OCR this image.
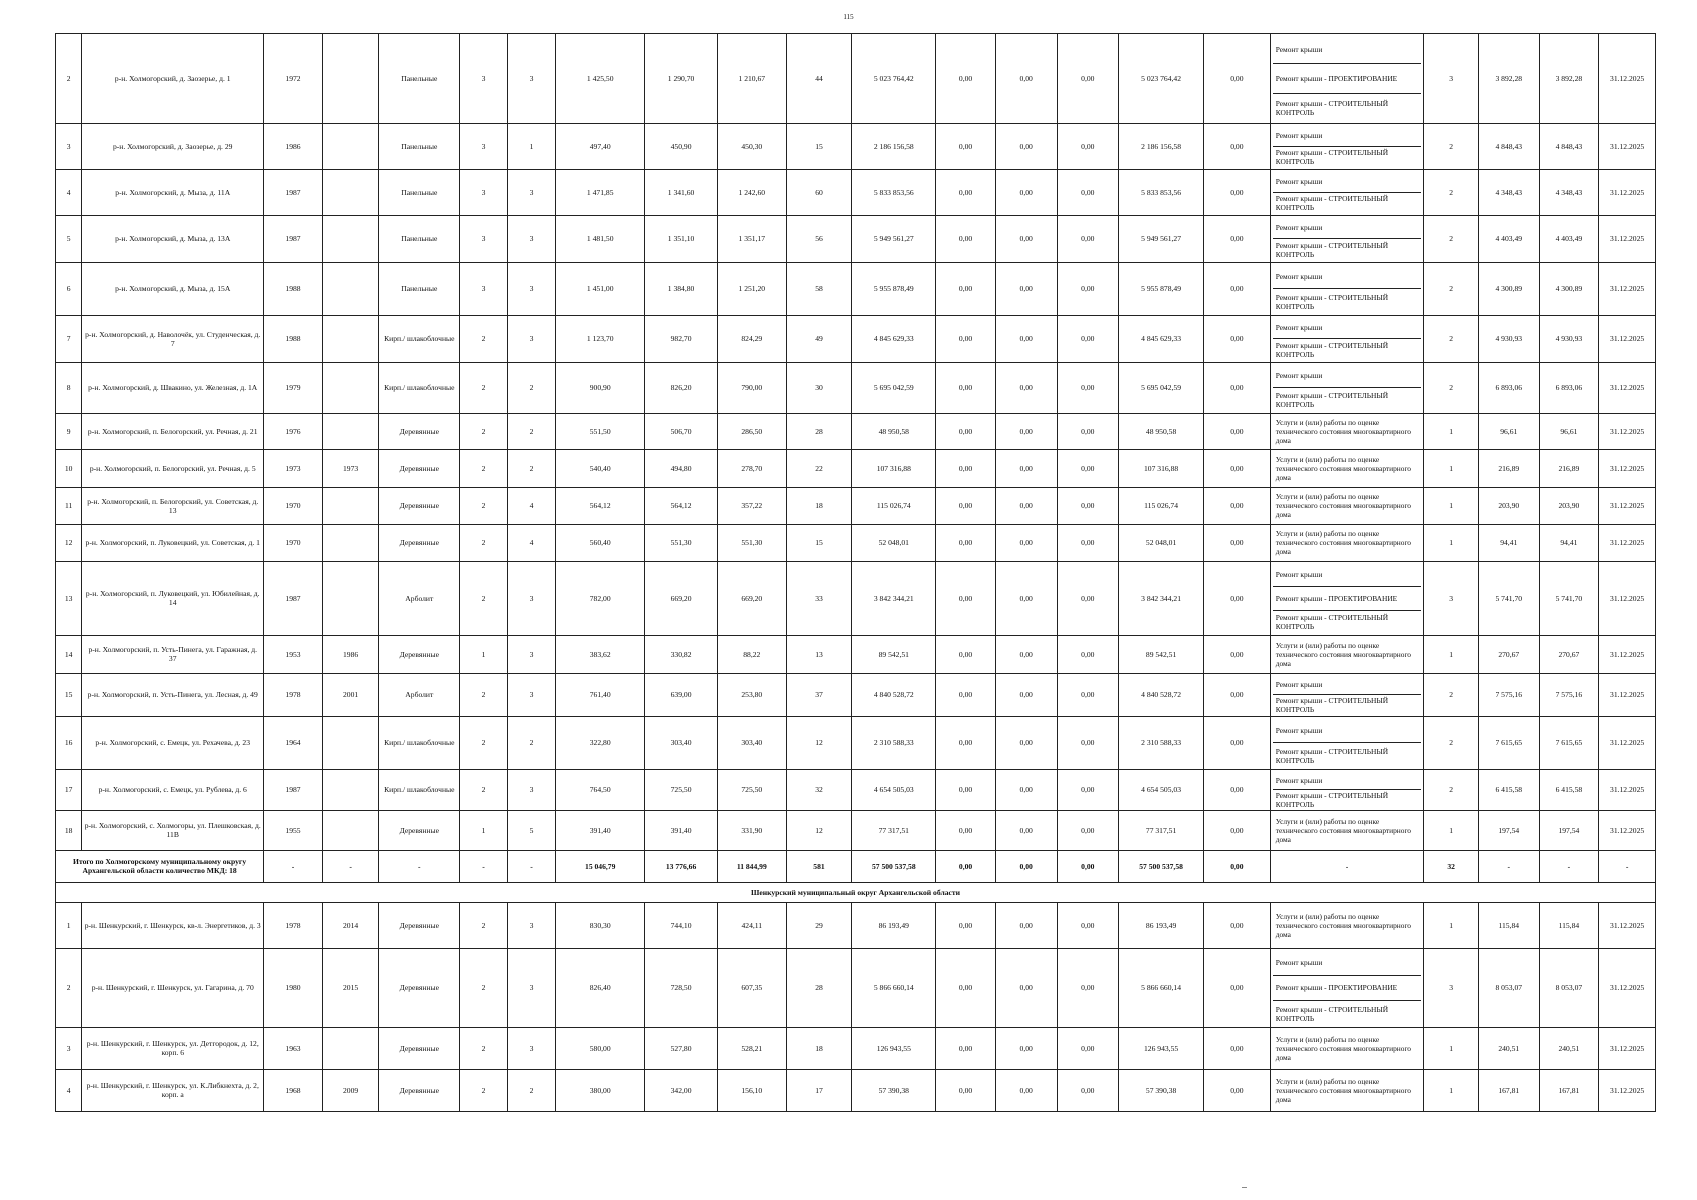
115
2	р-н. Холмогорский, д. Заозерье, д. 1	1972		Панельные	3	3	1 425,50	1 290,70	1 210,67	44	5 023 764,42	0,00	0,00	0,00	5 023 764,42	0,00	Ремонт крыши
Ремонт крыши - ПРОЕКТИРОВАНИЕ
Ремонт крыши - СТРОИТЕЛЬНЫЙ КОНТРОЛЬ	3	3 892,28	3 892,28	31.12.2025
3	р-н. Холмогорский, д. Заозерье, д. 29	1986		Панельные	3	1	497,40	450,90	450,30	15	2 186 156,58	0,00	0,00	0,00	2 186 156,58	0,00	Ремонт крыши
Ремонт крыши - СТРОИТЕЛЬНЫЙ КОНТРОЛЬ	2	4 848,43	4 848,43	31.12.2025
4	р-н. Холмогорский, д. Мыза, д. 11А	1987		Панельные	3	3	1 471,85	1 341,60	1 242,60	60	5 833 853,56	0,00	0,00	0,00	5 833 853,56	0,00	Ремонт крыши
Ремонт крыши - СТРОИТЕЛЬНЫЙ КОНТРОЛЬ	2	4 348,43	4 348,43	31.12.2025
5	р-н. Холмогорский, д. Мыза, д. 13А	1987		Панельные	3	3	1 481,50	1 351,10	1 351,17	56	5 949 561,27	0,00	0,00	0,00	5 949 561,27	0,00	Ремонт крыши
Ремонт крыши - СТРОИТЕЛЬНЫЙ КОНТРОЛЬ	2	4 403,49	4 403,49	31.12.2025
6	р-н. Холмогорский, д. Мыза, д. 15А	1988		Панельные	3	3	1 451,00	1 384,80	1 251,20	58	5 955 878,49	0,00	0,00	0,00	5 955 878,49	0,00	Ремонт крыши
Ремонт крыши - СТРОИТЕЛЬНЫЙ КОНТРОЛЬ	2	4 300,89	4 300,89	31.12.2025
7	р-н. Холмогорский, д. Наволочёк, ул. Студенческая, д. 7	1988		Кирп./ шлакоблочные	2	3	1 123,70	982,70	824,29	49	4 845 629,33	0,00	0,00	0,00	4 845 629,33	0,00	Ремонт крыши
Ремонт крыши - СТРОИТЕЛЬНЫЙ КОНТРОЛЬ	2	4 930,93	4 930,93	31.12.2025
8	р-н. Холмогорский, д. Швакино, ул. Железная, д. 1А	1979		Кирп./ шлакоблочные	2	2	900,90	826,20	790,00	30	5 695 042,59	0,00	0,00	0,00	5 695 042,59	0,00	Ремонт крыши
Ремонт крыши - СТРОИТЕЛЬНЫЙ КОНТРОЛЬ	2	6 893,06	6 893,06	31.12.2025
9	р-н. Холмогорский, п. Белогорский, ул. Речная, д. 21	1976		Деревянные	2	2	551,50	506,70	286,50	28	48 950,58	0,00	0,00	0,00	48 950,58	0,00	Услуги и (или) работы по оценке технического состояния многоквартирного дома	1	96,61	96,61	31.12.2025
10	р-н. Холмогорский, п. Белогорский, ул. Речная, д. 5	1973	1973	Деревянные	2	2	540,40	494,80	278,70	22	107 316,88	0,00	0,00	0,00	107 316,88	0,00	Услуги и (или) работы по оценке технического состояния многоквартирного дома	1	216,89	216,89	31.12.2025
11	р-н. Холмогорский, п. Белогорский, ул. Советская, д. 13	1970		Деревянные	2	4	564,12	564,12	357,22	18	115 026,74	0,00	0,00	0,00	115 026,74	0,00	Услуги и (или) работы по оценке технического состояния многоквартирного дома	1	203,90	203,90	31.12.2025
12	р-н. Холмогорский, п. Луковецкий, ул. Советская, д. 1	1970		Деревянные	2	4	560,40	551,30	551,30	15	52 048,01	0,00	0,00	0,00	52 048,01	0,00	Услуги и (или) работы по оценке технического состояния многоквартирного дома	1	94,41	94,41	31.12.2025
13	р-н. Холмогорский, п. Луковецкий, ул. Юбилейная, д. 14	1987		Арболит	2	3	782,00	669,20	669,20	33	3 842 344,21	0,00	0,00	0,00	3 842 344,21	0,00	Ремонт крыши
Ремонт крыши - ПРОЕКТИРОВАНИЕ
Ремонт крыши - СТРОИТЕЛЬНЫЙ КОНТРОЛЬ	3	5 741,70	5 741,70	31.12.2025
14	р-н. Холмогорский, п. Усть-Пинега, ул. Гаражная, д. 37	1953	1986	Деревянные	1	3	383,62	330,82	88,22	13	89 542,51	0,00	0,00	0,00	89 542,51	0,00	Услуги и (или) работы по оценке технического состояния многоквартирного дома	1	270,67	270,67	31.12.2025
15	р-н. Холмогорский, п. Усть-Пинега, ул. Лесная, д. 49	1978	2001	Арболит	2	3	761,40	639,00	253,80	37	4 840 528,72	0,00	0,00	0,00	4 840 528,72	0,00	Ремонт крыши
Ремонт крыши - СТРОИТЕЛЬНЫЙ КОНТРОЛЬ	2	7 575,16	7 575,16	31.12.2025
16	р-н. Холмогорский, с. Емецк, ул. Рехачева, д. 23	1964		Кирп./ шлакоблочные	2	2	322,80	303,40	303,40	12	2 310 588,33	0,00	0,00	0,00	2 310 588,33	0,00	Ремонт крыши
Ремонт крыши - СТРОИТЕЛЬНЫЙ КОНТРОЛЬ	2	7 615,65	7 615,65	31.12.2025
17	р-н. Холмогорский, с. Емецк, ул. Рублева, д. 6	1987		Кирп./ шлакоблочные	2	3	764,50	725,50	725,50	32	4 654 505,03	0,00	0,00	0,00	4 654 505,03	0,00	Ремонт крыши
Ремонт крыши - СТРОИТЕЛЬНЫЙ КОНТРОЛЬ	2	6 415,58	6 415,58	31.12.2025
18	р-н. Холмогорский, с. Холмогоры, ул. Плешковская, д. 11В	1955		Деревянные	1	5	391,40	391,40	331,90	12	77 317,51	0,00	0,00	0,00	77 317,51	0,00	Услуги и (или) работы по оценке технического состояния многоквартирного дома	1	197,54	197,54	31.12.2025
Итого по Холмогорскому муниципальному округу Архангельской области количество МКД: 18		-	-	-	-	-	15 046,79	13 776,66	11 844,99	581	57 500 537,58	0,00	0,00	0,00	57 500 537,58	0,00	-	32	-	-	-
Шенкурский муниципальный округ Архангельской области																					
1	р-н. Шенкурский, г. Шенкурск, кв-л. Энергетиков, д. 3	1978	2014	Деревянные	2	3	830,30	744,10	424,11	29	86 193,49	0,00	0,00	0,00	86 193,49	0,00	Услуги и (или) работы по оценке технического состояния многоквартирного дома	1	115,84	115,84	31.12.2025
2	р-н. Шенкурский, г. Шенкурск, ул. Гагарина, д. 70	1980	2015	Деревянные	2	3	826,40	728,50	607,35	28	5 866 660,14	0,00	0,00	0,00	5 866 660,14	0,00	Ремонт крыши
Ремонт крыши - ПРОЕКТИРОВАНИЕ
Ремонт крыши - СТРОИТЕЛЬНЫЙ КОНТРОЛЬ	3	8 053,07	8 053,07	31.12.2025
3	р-н. Шенкурский, г. Шенкурск, ул. Детгородок, д. 12, корп. 6	1963		Деревянные	2	3	580,00	527,80	528,21	18	126 943,55	0,00	0,00	0,00	126 943,55	0,00	Услуги и (или) работы по оценке технического состояния многоквартирного дома	1	240,51	240,51	31.12.2025
4	р-н. Шенкурский, г. Шенкурск, ул. К.Либкнехта, д. 2, корп. а	1968	2009	Деревянные	2	2	380,00	342,00	156,10	17	57 390,38	0,00	0,00	0,00	57 390,38	0,00	Услуги и (или) работы по оценке технического состояния многоквартирного дома	1	167,81	167,81	31.12.2025
